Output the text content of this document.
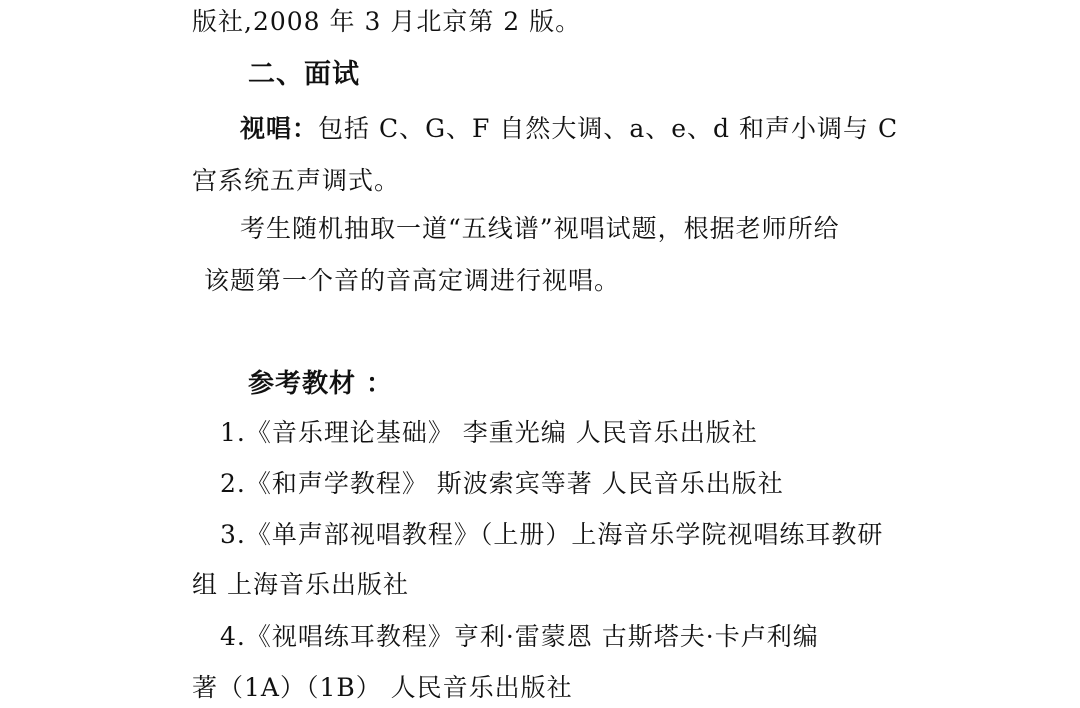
版社,2008 年 3 月北京第 2 版。
二、面试
视唱：包括 C、G、F 自然大调、a、e、d 和声小调与 C
宫系统五声调式。
考生随机抽取一道“五线谱”视唱试题，根据老师所给
该题第一个音的音高定调进行视唱。
参考教材 ：
1.《音乐理论基础》 李重光编 人民音乐出版社
2.《和声学教程》 斯波索宾等著 人民音乐出版社
3.《单声部视唱教程》（上册）上海音乐学院视唱练耳教研
组 上海音乐出版社
4.《视唱练耳教程》亨利·雷蒙恩 古斯塔夫·卡卢利编
著（1A）（1B） 人民音乐出版社
